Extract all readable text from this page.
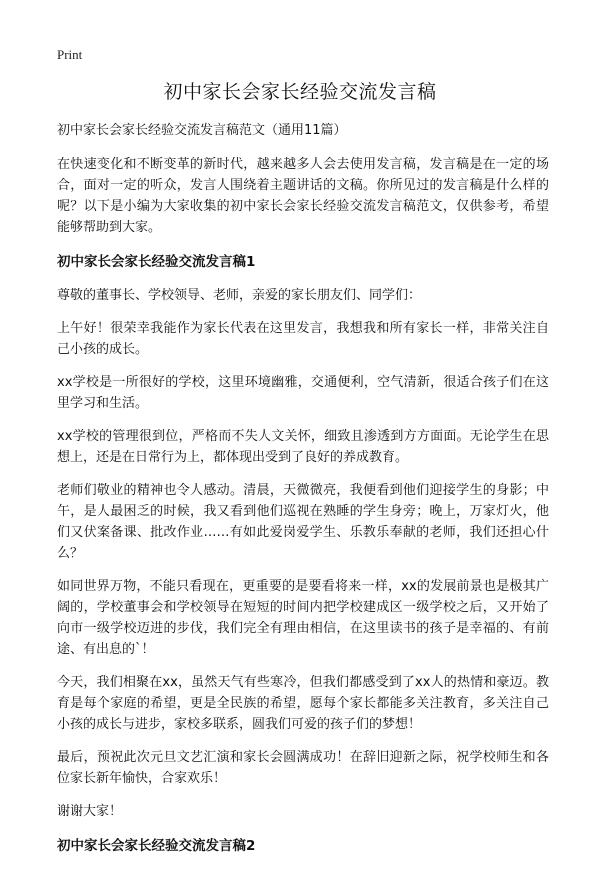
Print
初中家长会家长经验交流发言稿

初中家长会家长经验交流发言稿范文（通用11篇）

在快速变化和不断变革的新时代，越来越多人会去使用发言稿，发言稿是在一定的场合，面对一定的听众，发言人围绕着主题讲话的文稿。你所见过的发言稿是什么样的呢？以下是小编为大家收集的初中家长会家长经验交流发言稿范文，仅供参考，希望能够帮助到大家。

初中家长会家长经验交流发言稿1

尊敬的董事长、学校领导、老师，亲爱的家长朋友们、同学们：

上午好！很荣幸我能作为家长代表在这里发言，我想我和所有家长一样，非常关注自己小孩的成长。

xx学校是一所很好的学校，这里环境幽雅，交通便利，空气清新，很适合孩子们在这里学习和生活。

xx学校的管理很到位，严格而不失人文关怀，细致且渗透到方方面面。无论学生在思想上，还是在日常行为上，都体现出受到了良好的养成教育。

老师们敬业的精神也令人感动。清晨，天微微亮，我便看到他们迎接学生的身影；中午，是人最困乏的时候，我又看到他们巡视在熟睡的学生身旁；晚上，万家灯火，他们又伏案备课、批改作业……有如此爱岗爱学生、乐教乐奉献的老师，我们还担心什么？

如同世界万物，不能只看现在，更重要的是要看将来一样，xx的发展前景也是极其广阔的，学校董事会和学校领导在短短的时间内把学校建成区一级学校之后，又开始了向市一级学校迈进的步伐，我们完全有理由相信，在这里读书的孩子是幸福的、有前途、有出息的`！

今天，我们相聚在xx，虽然天气有些寒冷，但我们都感受到了xx人的热情和豪迈。教育是每个家庭的希望，更是全民族的希望，愿每个家长都能多关注教育，多关注自己小孩的成长与进步，家校多联系，圆我们可爱的孩子们的梦想！

最后，预祝此次元旦文艺汇演和家长会圆满成功！在辞旧迎新之际，祝学校师生和各位家长新年愉快，合家欢乐！

谢谢大家！

初中家长会家长经验交流发言稿2
